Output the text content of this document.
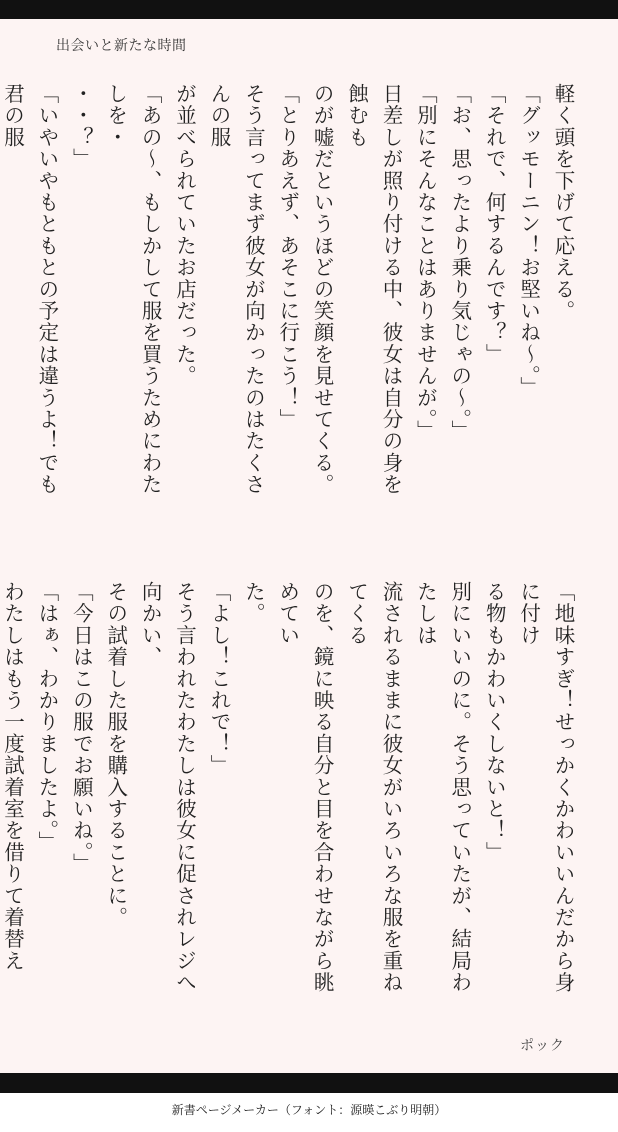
出会いと新たな時間
軽く頭を下げて応える。
「グッモーニン！お堅いね～。」
「それで、何するんです？」
「お、思ったより乗り気じゃの～。」
「別にそんなことはありませんが。」
日差しが照り付ける中、彼女は自分の身を蝕むも
のが嘘だというほどの笑顔を見せてくる。
「とりあえず、あそこに行こう！」
そう言ってまず彼女が向かったのはたくさんの服
が並べられていたお店だった。
「あの～、もしかして服を買うためにわたしを・
・・？」
「いやいやもともとの予定は違うよ！でも君の服
「地味すぎ！せっかくかわいいんだから身に付け
る物もかわいくしないと！」
別にいいのに。そう思っていたが、結局わたしは
流されるままに彼女がいろいろな服を重ねてくる
のを、鏡に映る自分と目を合わせながら眺めてい
た。
「よし！これで！」
そう言われたわたしは彼女に促されレジへ向かい、
その試着した服を購入することに。
「今日はこの服でお願いね。」
「はぁ、わかりましたよ。」
わたしはもう一度試着室を借りて着替え
ポック
新書ページメーカー（フォント：源暎こぶり明朝）
